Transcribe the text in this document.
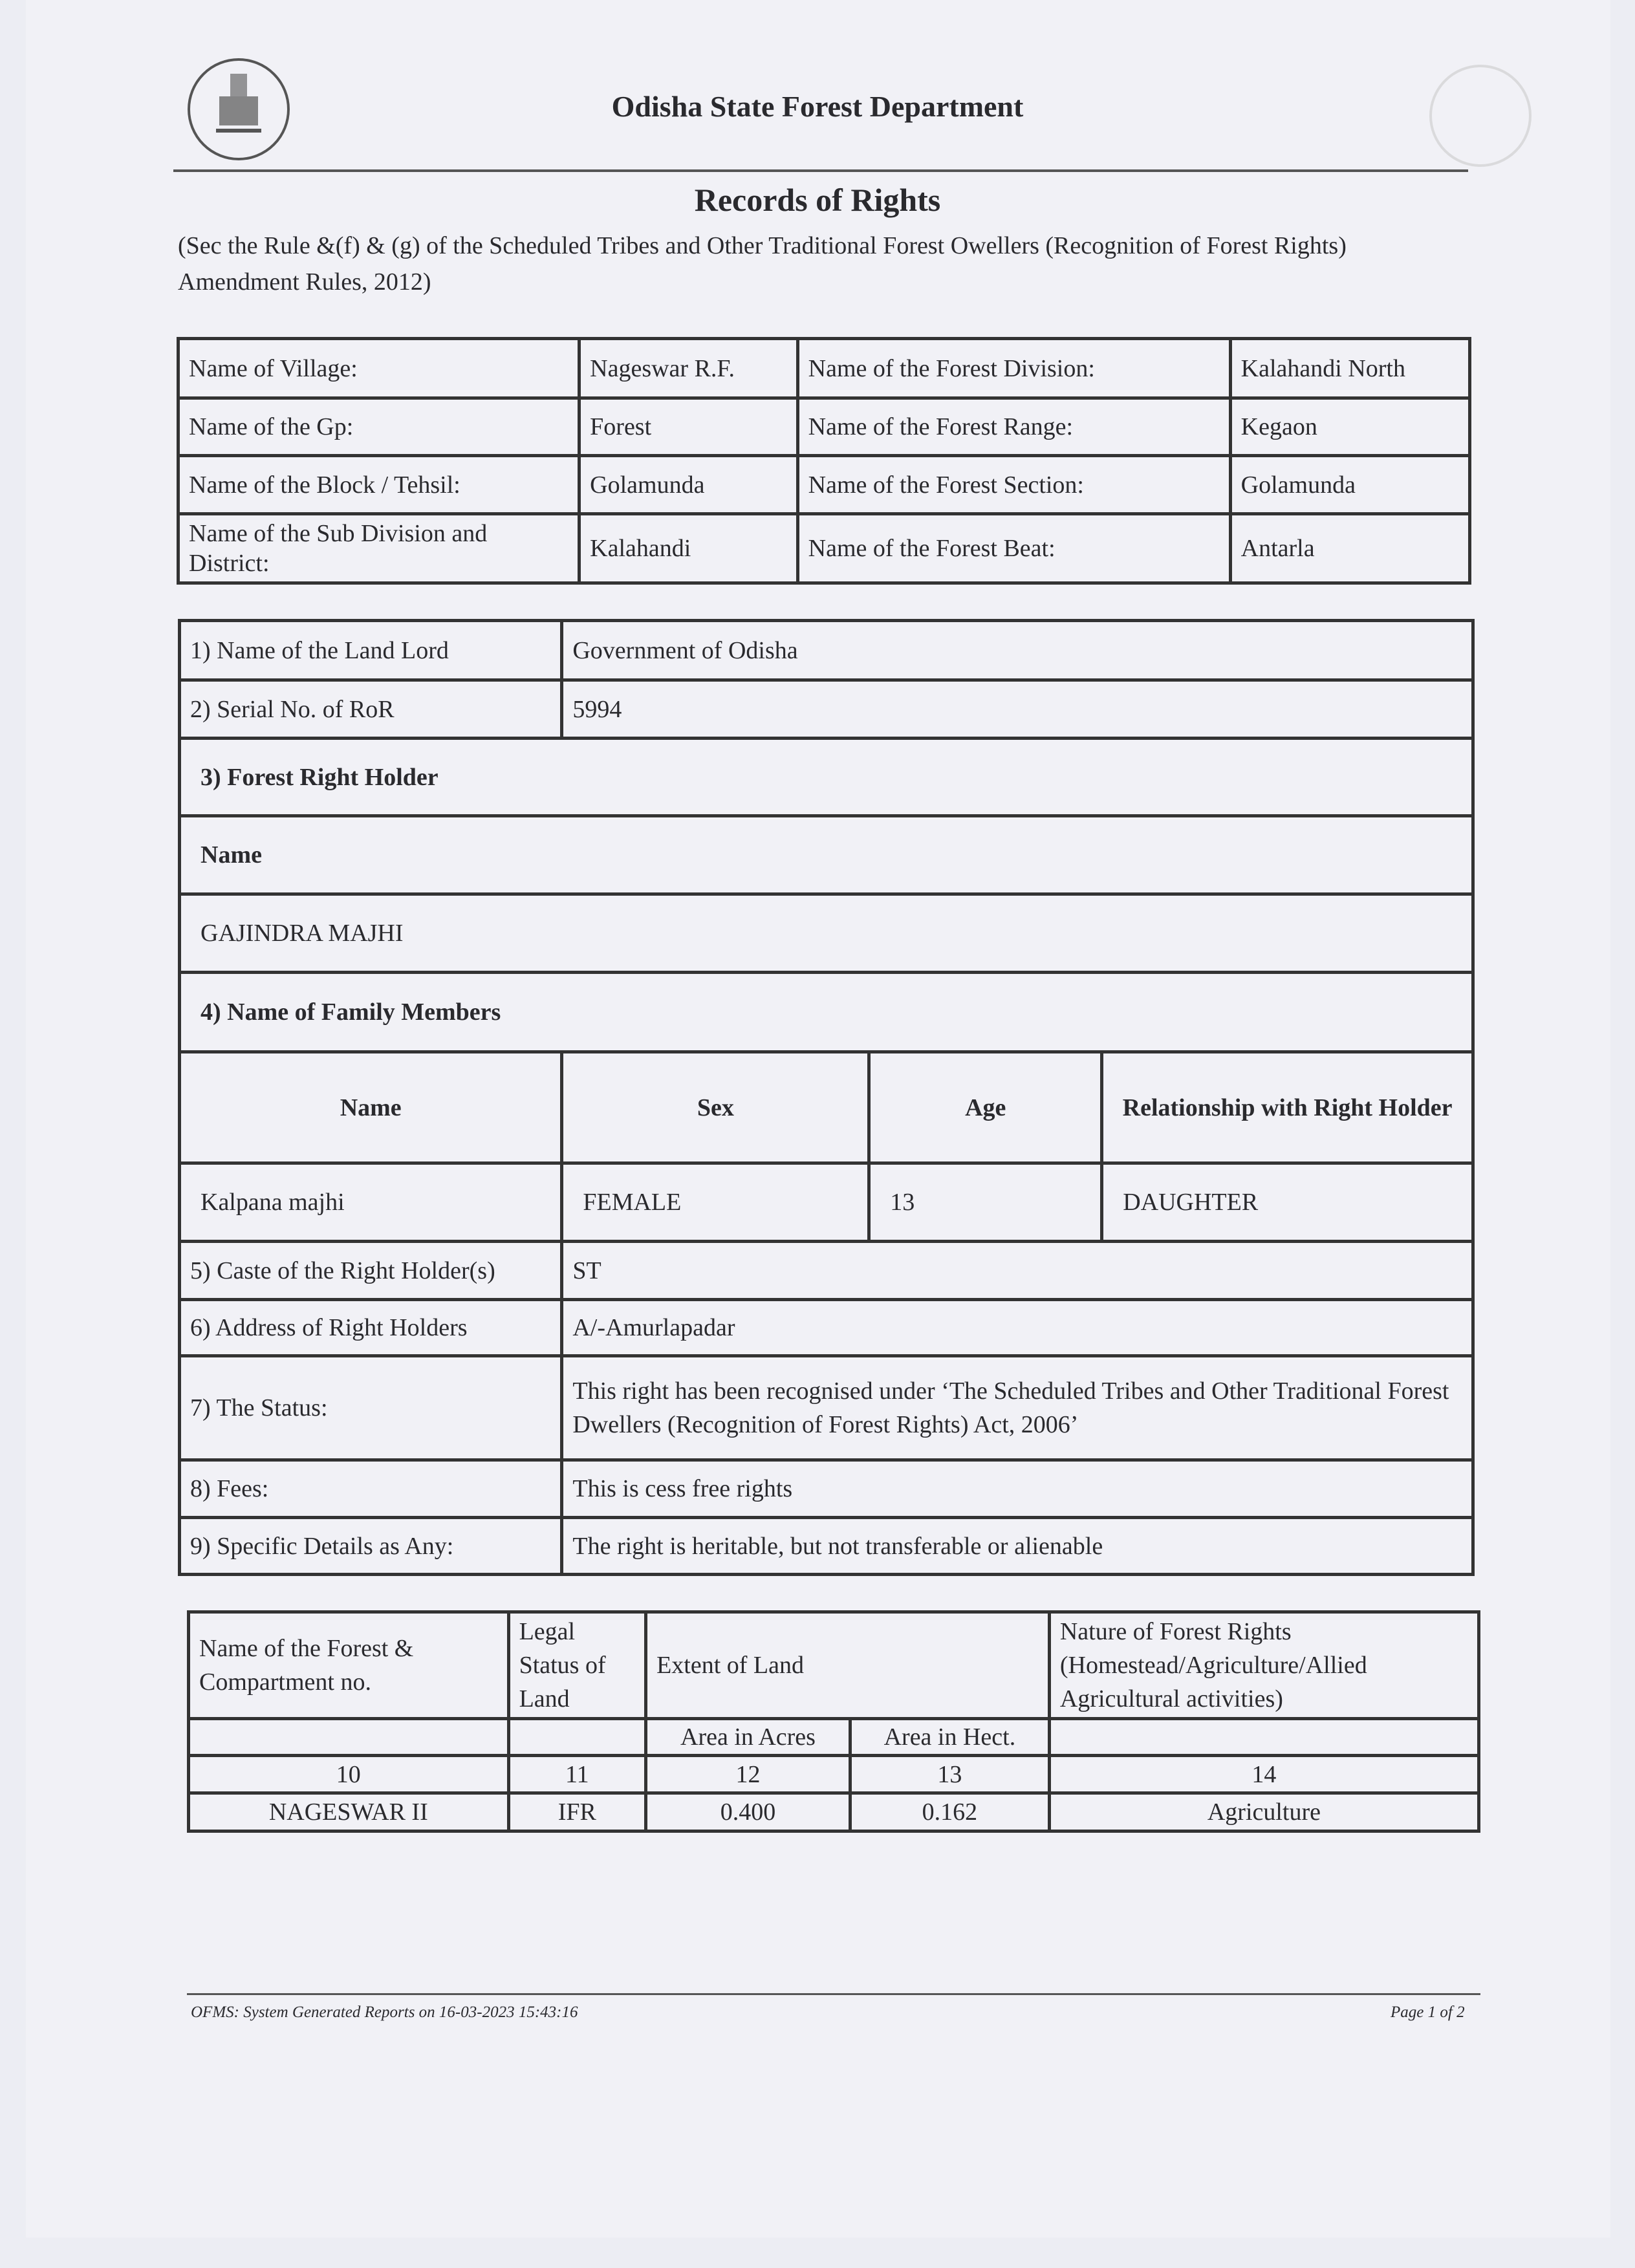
Odisha State Forest Department
Records of Rights
(Sec the Rule &(f) & (g) of the Scheduled Tribes and Other Traditional Forest Owellers (Recognition of Forest Rights) Amendment Rules, 2012)
Name of Village:	Nageswar R.F.	Name of the Forest Division:	Kalahandi North
Name of the Gp:	Forest	Name of the Forest Range:	Kegaon
Name of the Block / Tehsil:	Golamunda	Name of the Forest Section:	Golamunda
Name of the Sub Division and District:	Kalahandi	Name of the Forest Beat:	Antarla
1) Name of the Land Lord	Government of Odisha		
2) Serial No. of RoR	5994		
3) Forest Right Holder			
Name			
GAJINDRA MAJHI			
4) Name of Family Members			
Name	Sex	Age	Relationship with Right Holder
Kalpana majhi	FEMALE	13	DAUGHTER
5) Caste of the Right Holder(s)	ST		
6) Address of Right Holders	A/-Amurlapadar		
7) The Status:	This right has been recognised under ‘The Scheduled Tribes and Other Traditional Forest Dwellers (Recognition of Forest Rights) Act, 2006’		
8) Fees:	This is cess free rights		
9) Specific Details as Any:	The right is heritable, but not transferable or alienable		
Name of the Forest & Compartment no.	Legal Status of Land	Extent of Land		Nature of Forest Rights (Homestead/Agriculture/Allied Agricultural activities)
		Area in Acres	Area in Hect.	
10	11	12	13	14
NAGESWAR II	IFR	0.400	0.162	Agriculture
OFMS: System Generated Reports on 16-03-2023 15:43:16	Page 1 of 2
